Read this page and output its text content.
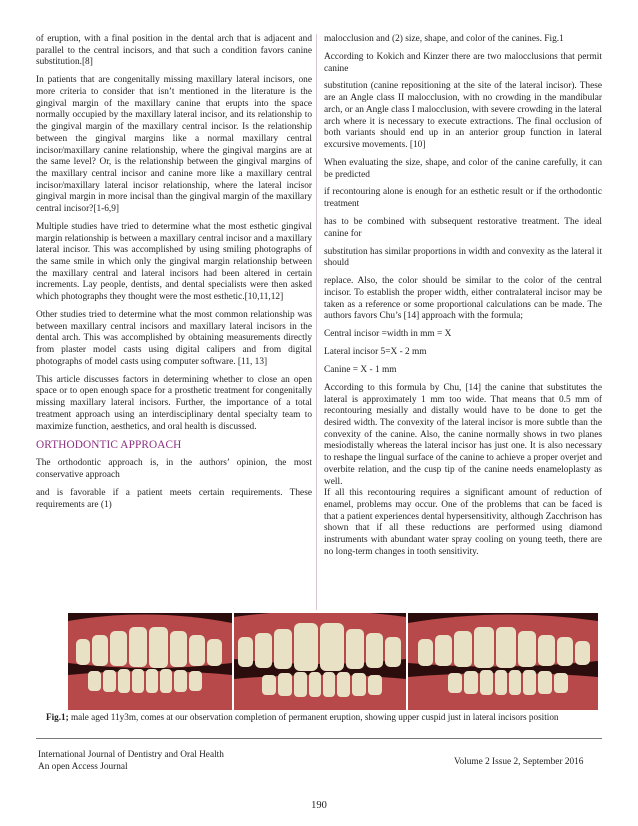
of eruption, with a final position in the dental arch that is adjacent and parallel to the central incisors, and that such a condition favors canine substitution.[8]

In patients that are congenitally missing maxillary lateral incisors, one more criteria to consider that isn’t mentioned in the literature is the gingival margin of the maxillary canine that erupts into the space normally occupied by the maxillary lateral incisor, and its relationship to the gingival margin of the maxillary central incisor. Is the relationship between the gingival margins like a normal maxillary central incisor/maxillary canine relationship, where the gingival margins are at the same level? Or, is the relationship between the gingival margins of the maxillary central incisor and canine more like a maxillary central incisor/maxillary lateral incisor relationship, where the lateral incisor gingival margin in more incisal than the gingival margin of the maxillary central incisor?[1-6,9]

Multiple studies have tried to determine what the most esthetic gingival margin relationship is between a maxillary central incisor and a maxillary lateral incisor. This was accomplished by using smiling photographs of the same smile in which only the gingival margin relationship between the maxillary central and lateral incisors had been altered in certain increments. Lay people, dentists, and dental specialists were then asked which photographs they thought were the most esthetic.[10,11,12]

Other studies tried to determine what the most common relationship was between maxillary central incisors and maxillary lateral incisors in the dental arch. This was accomplished by obtaining measurements directly from plaster model casts using digital calipers and from digital photographs of model casts using computer software. [11, 13]

This article discusses factors in determining whether to close an open space or to open enough space for a prosthetic treatment for congenitally missing maxillary lateral incisors. Further, the importance of a total treatment approach using an interdisciplinary dental specialty team to maximize function, aesthetics, and oral health is discussed.

ORTHODONTIC APPROACH

The orthodontic approach is, in the authors’ opinion, the most conservative approach

and is favorable if a patient meets certain requirements. These requirements are (1)

malocclusion and (2) size, shape, and color of the canines. Fig.1

According to Kokich and Kinzer there are two malocclusions that permit canine

substitution (canine repositioning at the site of the lateral incisor). These are an Angle class II malocclusion, with no crowding in the mandibular arch, or an Angle class I malocclusion, with severe crowding in the lateral arch where it is necessary to execute extractions. The final occlusion of both variants should end up in an anterior group function in lateral excursive movements. [10]

When evaluating the size, shape, and color of the canine carefully, it can be predicted

if recontouring alone is enough for an esthetic result or if the orthodontic treatment

has to be combined with subsequent restorative treatment. The ideal canine for

substitution has similar proportions in width and convexity as the lateral it should

replace. Also, the color should be similar to the color of the central incisor. To establish the proper width, either contralateral incisor may be taken as a reference or some proportional calculations can be made. The authors favors Chu’s [14] approach with the formula;

Central incisor =width in mm = X

Lateral incisor 5=X - 2 mm

Canine = X - 1 mm

According to this formula by Chu, [14] the canine that substitutes the lateral is approximately 1 mm too wide. That means that 0.5 mm of recontouring mesially and distally would have to be done to get the desired width. The convexity of the lateral incisor is more subtle than the convexity of the canine. Also, the canine normally shows in two planes mesiodistally whereas the lateral incisor has just one. It is also necessary to reshape the lingual surface of the canine to achieve a proper overjet and overbite relation, and the cusp tip of the canine needs enameloplasty as well.

If all this recontouring requires a significant amount of reduction of enamel, problems may occur. One of the problems that can be faced is that a patient experiences dental hypersensitivity, although Zacchrison has shown that if all these reductions are performed using diamond instruments with abundant water spray cooling on young teeth, there are no long-term changes in tooth sensitivity.

Fig.1; male aged 11y3m, comes at our observation completion of permanent eruption, showing upper cuspid just in lateral incisors position
International Journal of Dentistry and Oral Health
An open Access Journal	Volume 2 Issue 2, September 2016
190
